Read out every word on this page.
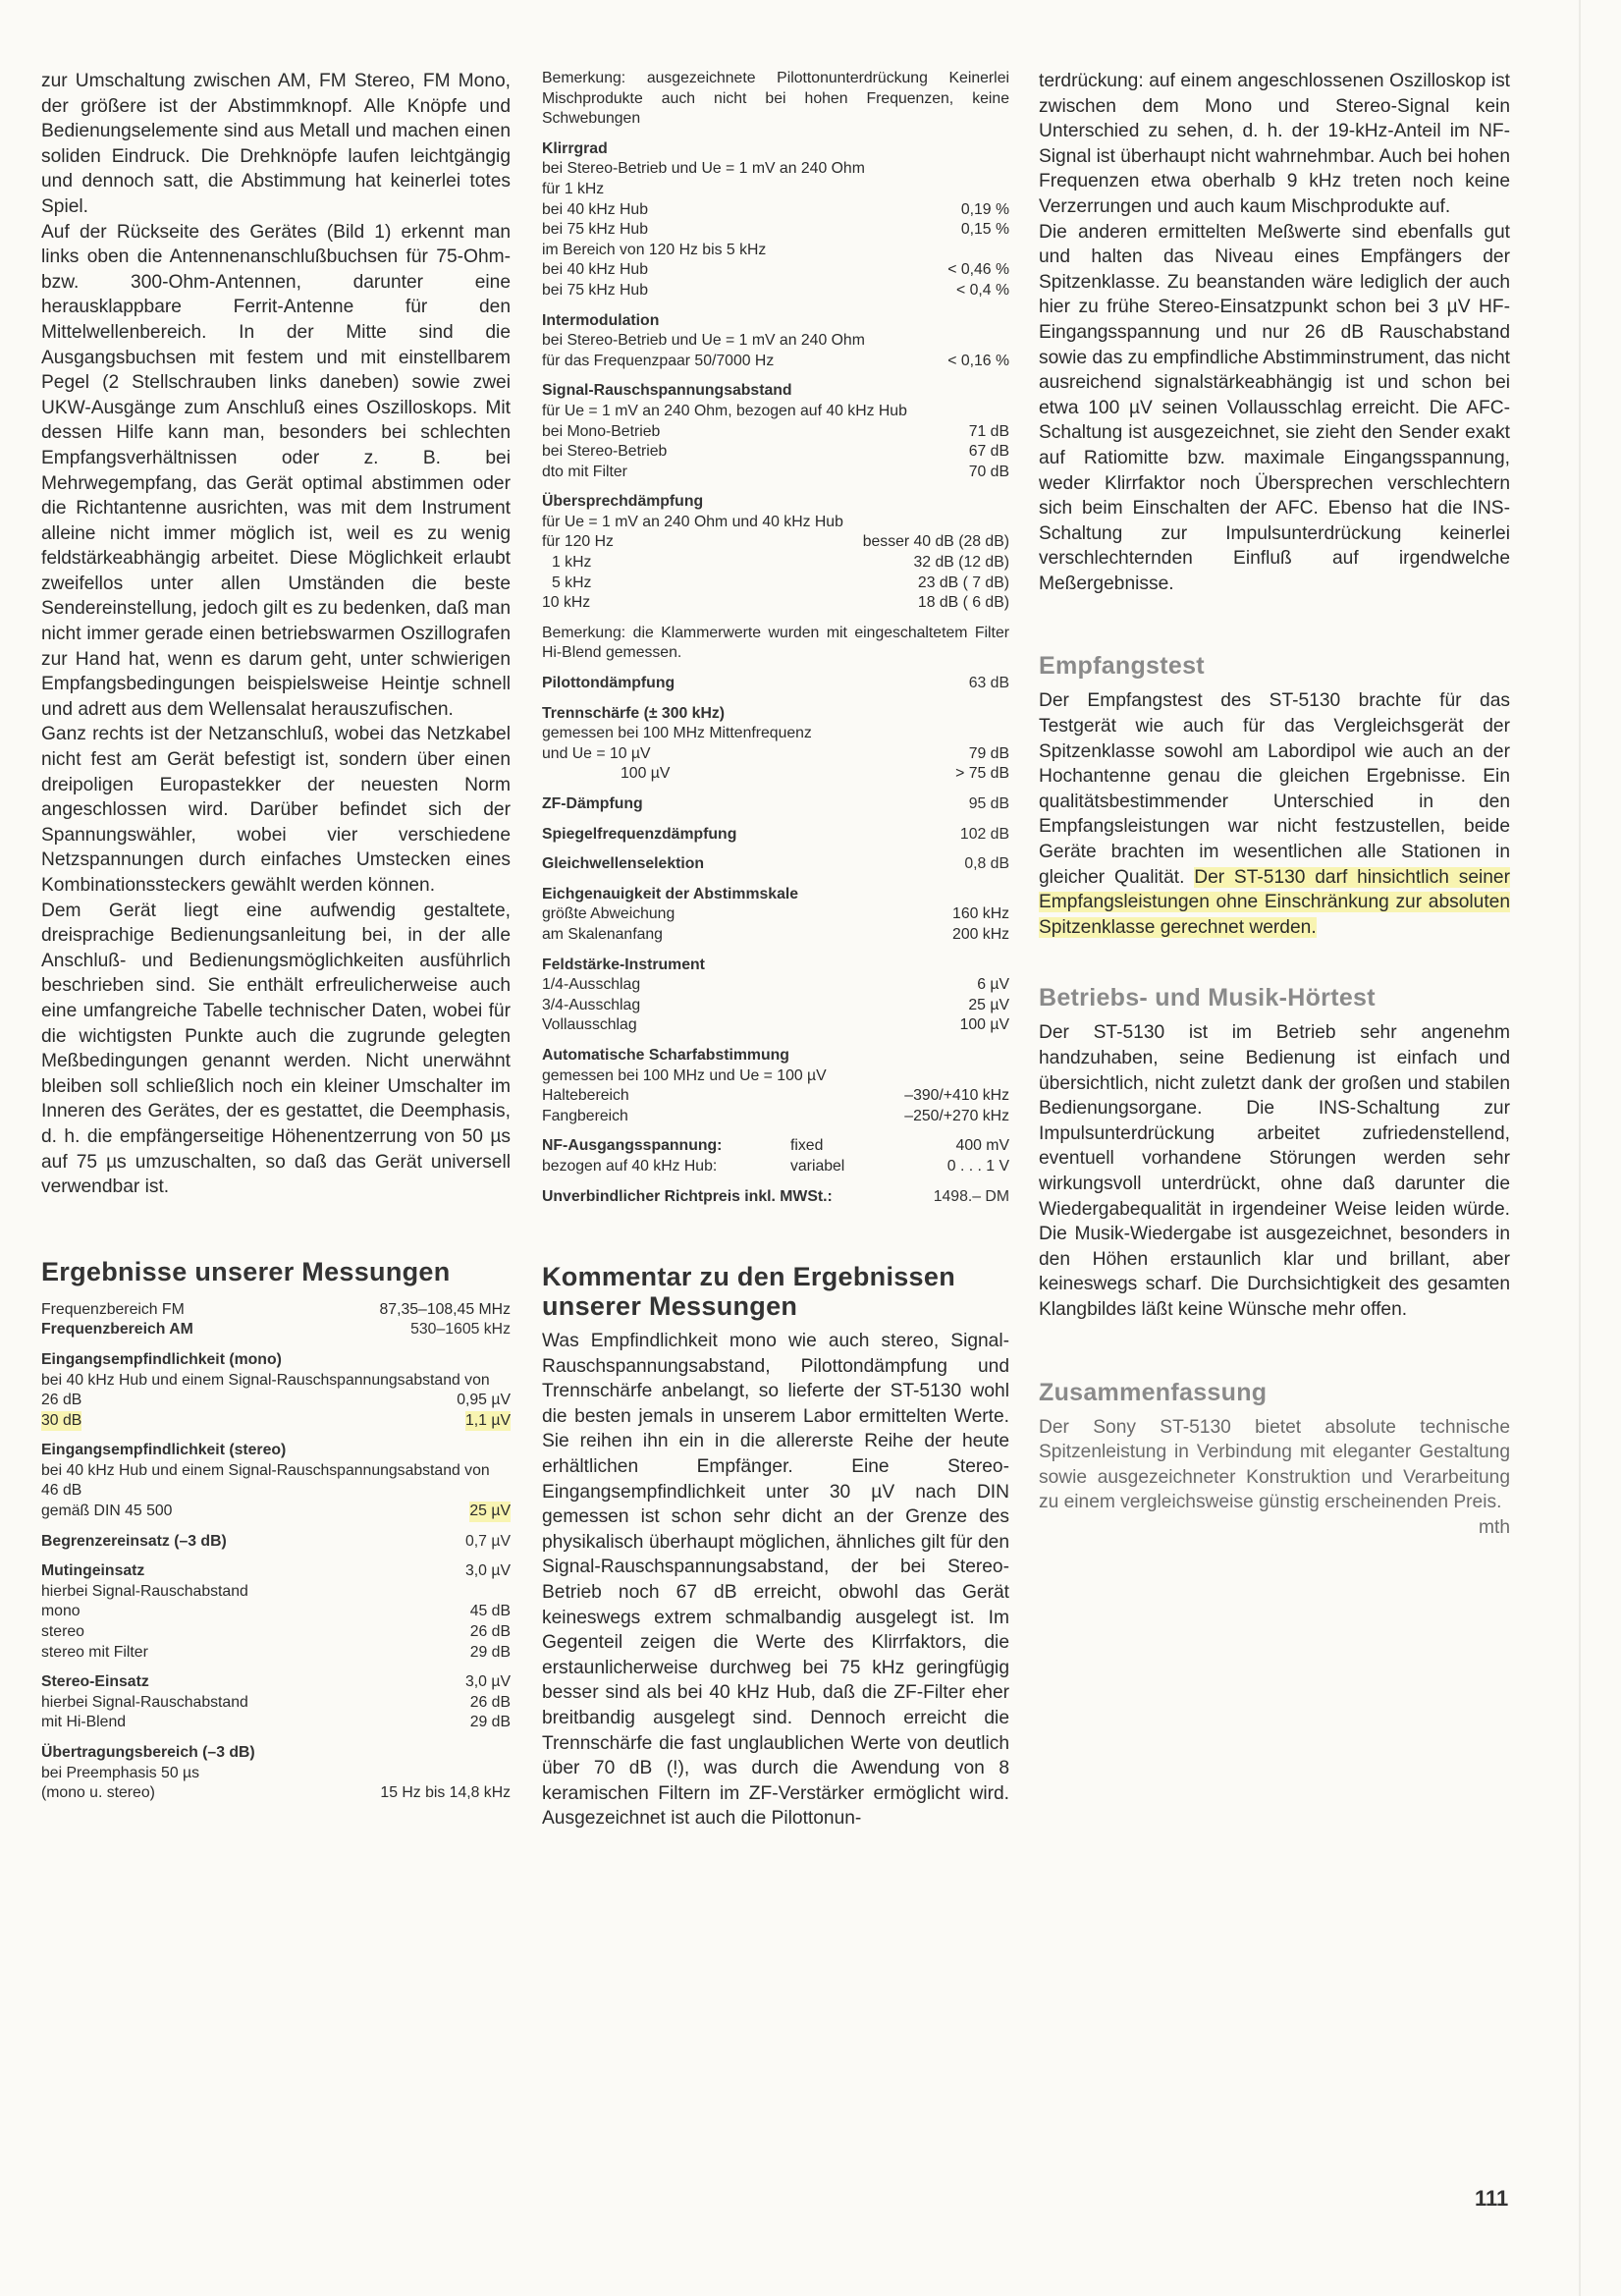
zur Umschaltung zwischen AM, FM Stereo, FM Mono, der größere ist der Abstimmknopf. Alle Knöpfe und Bedienungselemente sind aus Metall und machen einen soliden Eindruck. Die Drehknöpfe laufen leichtgängig und dennoch satt, die Abstimmung hat keinerlei totes Spiel.

Auf der Rückseite des Gerätes (Bild 1) erkennt man links oben die Antennenanschlußbuchsen für 75-Ohm- bzw. 300-Ohm-Antennen, darunter eine herausklappbare Ferrit-Antenne für den Mittelwellenbereich. In der Mitte sind die Ausgangsbuchsen mit festem und mit einstellbarem Pegel (2 Stellschrauben links daneben) sowie zwei UKW-Ausgänge zum Anschluß eines Oszilloskops. Mit dessen Hilfe kann man, besonders bei schlechten Empfangsverhältnissen oder z. B. bei Mehrwegempfang, das Gerät optimal abstimmen oder die Richtantenne ausrichten, was mit dem Instrument alleine nicht immer möglich ist, weil es zu wenig feldstärkeabhängig arbeitet. Diese Möglichkeit erlaubt zweifellos unter allen Umständen die beste Sendereinstellung, jedoch gilt es zu bedenken, daß man nicht immer gerade einen betriebswarmen Oszillografen zur Hand hat, wenn es darum geht, unter schwierigen Empfangsbedingungen beispielsweise Heintje schnell und adrett aus dem Wellensalat herauszufischen.

Ganz rechts ist der Netzanschluß, wobei das Netzkabel nicht fest am Gerät befestigt ist, sondern über einen dreipoligen Europastekker der neuesten Norm angeschlossen wird. Darüber befindet sich der Spannungswähler, wobei vier verschiedene Netzspannungen durch einfaches Umstecken eines Kombinationssteckers gewählt werden können.

Dem Gerät liegt eine aufwendig gestaltete, dreisprachige Bedienungsanleitung bei, in der alle Anschluß- und Bedienungsmöglichkeiten ausführlich beschrieben sind. Sie enthält erfreulicherweise auch eine umfangreiche Tabelle technischer Daten, wobei für die wichtigsten Punkte auch die zugrunde gelegten Meßbedingungen genannt werden. Nicht unerwähnt bleiben soll schließlich noch ein kleiner Umschalter im Inneren des Gerätes, der es gestattet, die Deemphasis, d. h. die empfängerseitige Höhenentzerrung von 50 µs auf 75 µs umzuschalten, so daß das Gerät universell verwendbar ist.

Ergebnisse unserer Messungen
Frequenzbereich FM	87,35–108,45 MHz
Frequenzbereich AM	530–1605 kHz
Eingangsempfindlichkeit (mono)
bei 40 kHz Hub und einem Signal-Rauschspannungsabstand von
26 dB	0,95 µV
30 dB	1,1 µV
Eingangsempfindlichkeit (stereo)
bei 40 kHz Hub und einem Signal-Rauschspannungsabstand von 46 dB
gemäß DIN 45 500	25 µV
Begrenzereinsatz (–3 dB)	0,7 µV
Mutingeinsatz	3,0 µV
hierbei Signal-Rauschabstand
mono	45 dB
stereo	26 dB
stereo mit Filter	29 dB
Stereo-Einsatz	3,0 µV
hierbei Signal-Rauschabstand	26 dB
mit Hi-Blend	29 dB
Übertragungsbereich (–3 dB)
bei Preemphasis 50 µs
(mono u. stereo)	15 Hz bis 14,8 kHz
Bemerkung: ausgezeichnete Pilottonunterdrückung Keinerlei Mischprodukte auch nicht bei hohen Frequenzen, keine Schwebungen
Klirrgrad
bei Stereo-Betrieb und Ue = 1 mV an 240 Ohm
für 1 kHz
bei 40 kHz Hub	0,19 %
bei 75 kHz Hub	0,15 %
im Bereich von 120 Hz bis 5 kHz
bei 40 kHz Hub	< 0,46 %
bei 75 kHz Hub	< 0,4 %
Intermodulation
bei Stereo-Betrieb und Ue = 1 mV an 240 Ohm
für das Frequenzpaar 50/7000 Hz	< 0,16 %
Signal-Rauschspannungsabstand
für Ue = 1 mV an 240 Ohm, bezogen auf 40 kHz Hub
bei Mono-Betrieb	71 dB
bei Stereo-Betrieb	67 dB
dto mit Filter	70 dB
Übersprechdämpfung
für Ue = 1 mV an 240 Ohm und 40 kHz Hub
für 120 Hz	besser 40 dB (28 dB)
1 kHz	32 dB (12 dB)
5 kHz	23 dB ( 7 dB)
10 kHz	18 dB ( 6 dB)
Bemerkung: die Klammerwerte wurden mit eingeschaltetem Filter Hi-Blend gemessen.
Pilottondämpfung	63 dB
Trennschärfe (± 300 kHz)
gemessen bei 100 MHz Mittenfrequenz
und Ue = 10 µV	79 dB
100 µV	> 75 dB
ZF-Dämpfung	95 dB
Spiegelfrequenzdämpfung	102 dB
Gleichwellenselektion	0,8 dB
Eichgenauigkeit der Abstimmskale
größte Abweichung	160 kHz
am Skalenanfang	200 kHz
Feldstärke-Instrument
1/4-Ausschlag	6 µV
3/4-Ausschlag	25 µV
Vollausschlag	100 µV
Automatische Scharfabstimmung
gemessen bei 100 MHz und Ue = 100 µV
Haltebereich	–390/+410 kHz
Fangbereich	–250/+270 kHz
NF-Ausgangsspannung:	fixed	400 mV
bezogen auf 40 kHz Hub:	variabel	0 . . . 1 V
Unverbindlicher Richtpreis inkl. MWSt.:	1498.– DM
Kommentar zu den Ergebnissen unserer Messungen

Was Empfindlichkeit mono wie auch stereo, Signal-Rauschspannungsabstand, Pilottondämpfung und Trennschärfe anbelangt, so lieferte der ST-5130 wohl die besten jemals in unserem Labor ermittelten Werte. Sie reihen ihn ein in die allererste Reihe der heute erhältlichen Empfänger. Eine Stereo-Eingangsempfindlichkeit unter 30 µV nach DIN gemessen ist schon sehr dicht an der Grenze des physikalisch überhaupt möglichen, ähnliches gilt für den Signal-Rauschspannungsabstand, der bei Stereo-Betrieb noch 67 dB erreicht, obwohl das Gerät keineswegs extrem schmalbandig ausgelegt ist. Im Gegenteil zeigen die Werte des Klirrfaktors, die erstaunlicherweise durchweg bei 75 kHz geringfügig besser sind als bei 40 kHz Hub, daß die ZF-Filter eher breitbandig ausgelegt sind. Dennoch erreicht die Trennschärfe die fast unglaublichen Werte von deutlich über 70 dB (!), was durch die Awendung von 8 keramischen Filtern im ZF-Verstärker ermöglicht wird. Ausgezeichnet ist auch die Pilottonun-

terdrückung: auf einem angeschlossenen Oszilloskop ist zwischen dem Mono und Stereo-Signal kein Unterschied zu sehen, d. h. der 19-kHz-Anteil im NF-Signal ist überhaupt nicht wahrnehmbar. Auch bei hohen Frequenzen etwa oberhalb 9 kHz treten noch keine Verzerrungen und auch kaum Mischprodukte auf.

Die anderen ermittelten Meßwerte sind ebenfalls gut und halten das Niveau eines Empfängers der Spitzenklasse. Zu beanstanden wäre lediglich der auch hier zu frühe Stereo-Einsatzpunkt schon bei 3 µV HF-Eingangsspannung und nur 26 dB Rauschabstand sowie das zu empfindliche Abstimminstrument, das nicht ausreichend signalstärkeabhängig ist und schon bei etwa 100 µV seinen Vollausschlag erreicht. Die AFC-Schaltung ist ausgezeichnet, sie zieht den Sender exakt auf Ratiomitte bzw. maximale Eingangsspannung, weder Klirrfaktor noch Übersprechen verschlechtern sich beim Einschalten der AFC. Ebenso hat die INS-Schaltung zur Impulsunterdrückung keinerlei verschlechternden Einfluß auf irgendwelche Meßergebnisse.

Empfangstest

Der Empfangstest des ST-5130 brachte für das Testgerät wie auch für das Vergleichsgerät der Spitzenklasse sowohl am Labordipol wie auch an der Hochantenne genau die gleichen Ergebnisse. Ein qualitätsbestimmender Unterschied in den Empfangsleistungen war nicht festzustellen, beide Geräte brachten im wesentlichen alle Stationen in gleicher Qualität. Der ST-5130 darf hinsichtlich seiner Empfangsleistungen ohne Einschränkung zur absoluten Spitzenklasse gerechnet werden.

Betriebs- und Musik-Hörtest

Der ST-5130 ist im Betrieb sehr angenehm handzuhaben, seine Bedienung ist einfach und übersichtlich, nicht zuletzt dank der großen und stabilen Bedienungsorgane. Die INS-Schaltung zur Impulsunterdrückung arbeitet zufriedenstellend, eventuell vorhandene Störungen werden sehr wirkungsvoll unterdrückt, ohne daß darunter die Wiedergabequalität in irgendeiner Weise leiden würde. Die Musik-Wiedergabe ist ausgezeichnet, besonders in den Höhen erstaunlich klar und brillant, aber keineswegs scharf. Die Durchsichtigkeit des gesamten Klangbildes läßt keine Wünsche mehr offen.

Zusammenfassung

Der Sony ST-5130 bietet absolute technische Spitzenleistung in Verbindung mit eleganter Gestaltung sowie ausgezeichneter Konstruktion und Verarbeitung zu einem vergleichsweise günstig erscheinenden Preis.

mth
111
